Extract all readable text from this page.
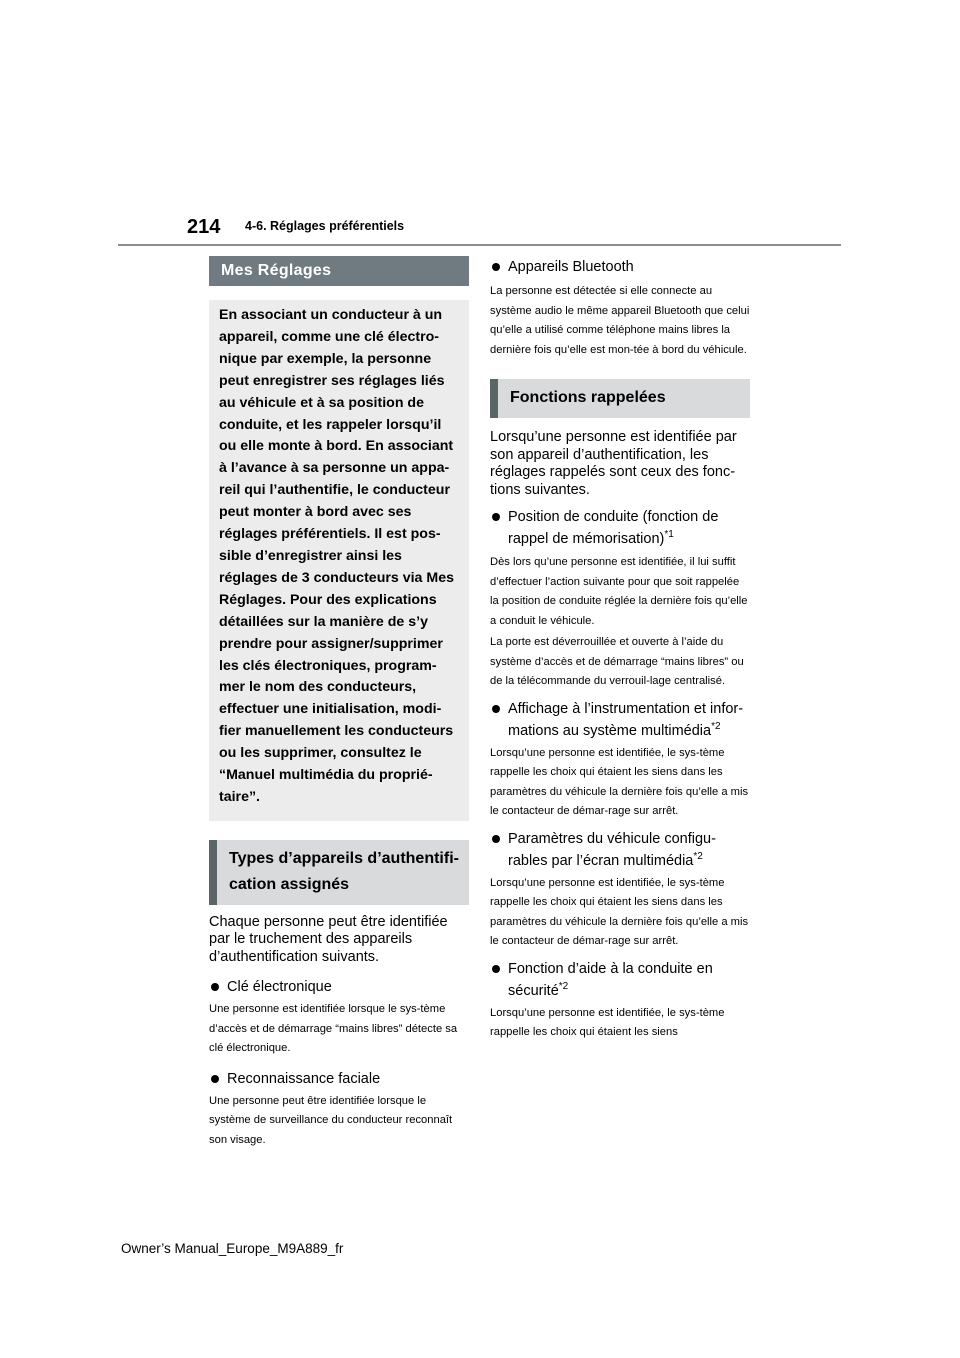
214 4-6. Réglages préférentiels
Mes Réglages

En associant un conducteur à un appareil, comme une clé électro-nique par exemple, la personne peut enregistrer ses réglages liés au véhicule et à sa position de conduite, et les rappeler lorsqu’il ou elle monte à bord. En associant à l’avance à sa personne un appa-reil qui l’authentifie, le conducteur peut monter à bord avec ses réglages préférentiels. Il est pos-sible d’enregistrer ainsi les réglages de 3 conducteurs via Mes Réglages. Pour des explications détaillées sur la manière de s’y prendre pour assigner/supprimer les clés électroniques, program-mer le nom des conducteurs, effectuer une initialisation, modi-fier manuellement les conducteurs ou les supprimer, consultez le “Manuel multimédia du proprié-taire”.

Types d’appareils d’authentifi-cation assignés

Chaque personne peut être identifiée par le truchement des appareils d’authentification suivants.

Clé électronique

Une personne est identifiée lorsque le sys-tème d’accès et de démarrage “mains libres” détecte sa clé électronique.

Reconnaissance faciale

Une personne peut être identifiée lorsque le système de surveillance du conducteur reconnaît son visage.

Appareils Bluetooth

La personne est détectée si elle connecte au système audio le même appareil Bluetooth que celui qu’elle a utilisé comme téléphone mains libres la dernière fois qu’elle est mon-tée à bord du véhicule.

Fonctions rappelées

Lorsqu’une personne est identifiée par son appareil d’authentification, les réglages rappelés sont ceux des fonc-tions suivantes.

Position de conduite (fonction de rappel de mémorisation)$^{*1}$

Dès lors qu’une personne est identifiée, il lui suffit d’effectuer l’action suivante pour que soit rappelée la position de conduite réglée la dernière fois qu’elle a conduit le véhicule.

La porte est déverrouillée et ouverte à l’aide du système d’accès et de démarrage “mains libres” ou de la télécommande du verrouil-lage centralisé.

Affichage à l’instrumentation et infor-mations au système multimédia$^{*2}$

Lorsqu’une personne est identifiée, le sys-tème rappelle les choix qui étaient les siens dans les paramètres du véhicule la dernière fois qu’elle a mis le contacteur de démar-rage sur arrêt.

Paramètres du véhicule configu-rables par l’écran multimédia$^{*2}$

Lorsqu’une personne est identifiée, le sys-tème rappelle les choix qui étaient les siens dans les paramètres du véhicule la dernière fois qu’elle a mis le contacteur de démar-rage sur arrêt.

Fonction d’aide à la conduite en sécurité$^{*2}$

Lorsqu’une personne est identifiée, le sys-tème rappelle les choix qui étaient les siens

Owner’s Manual_Europe_M9A889_fr
